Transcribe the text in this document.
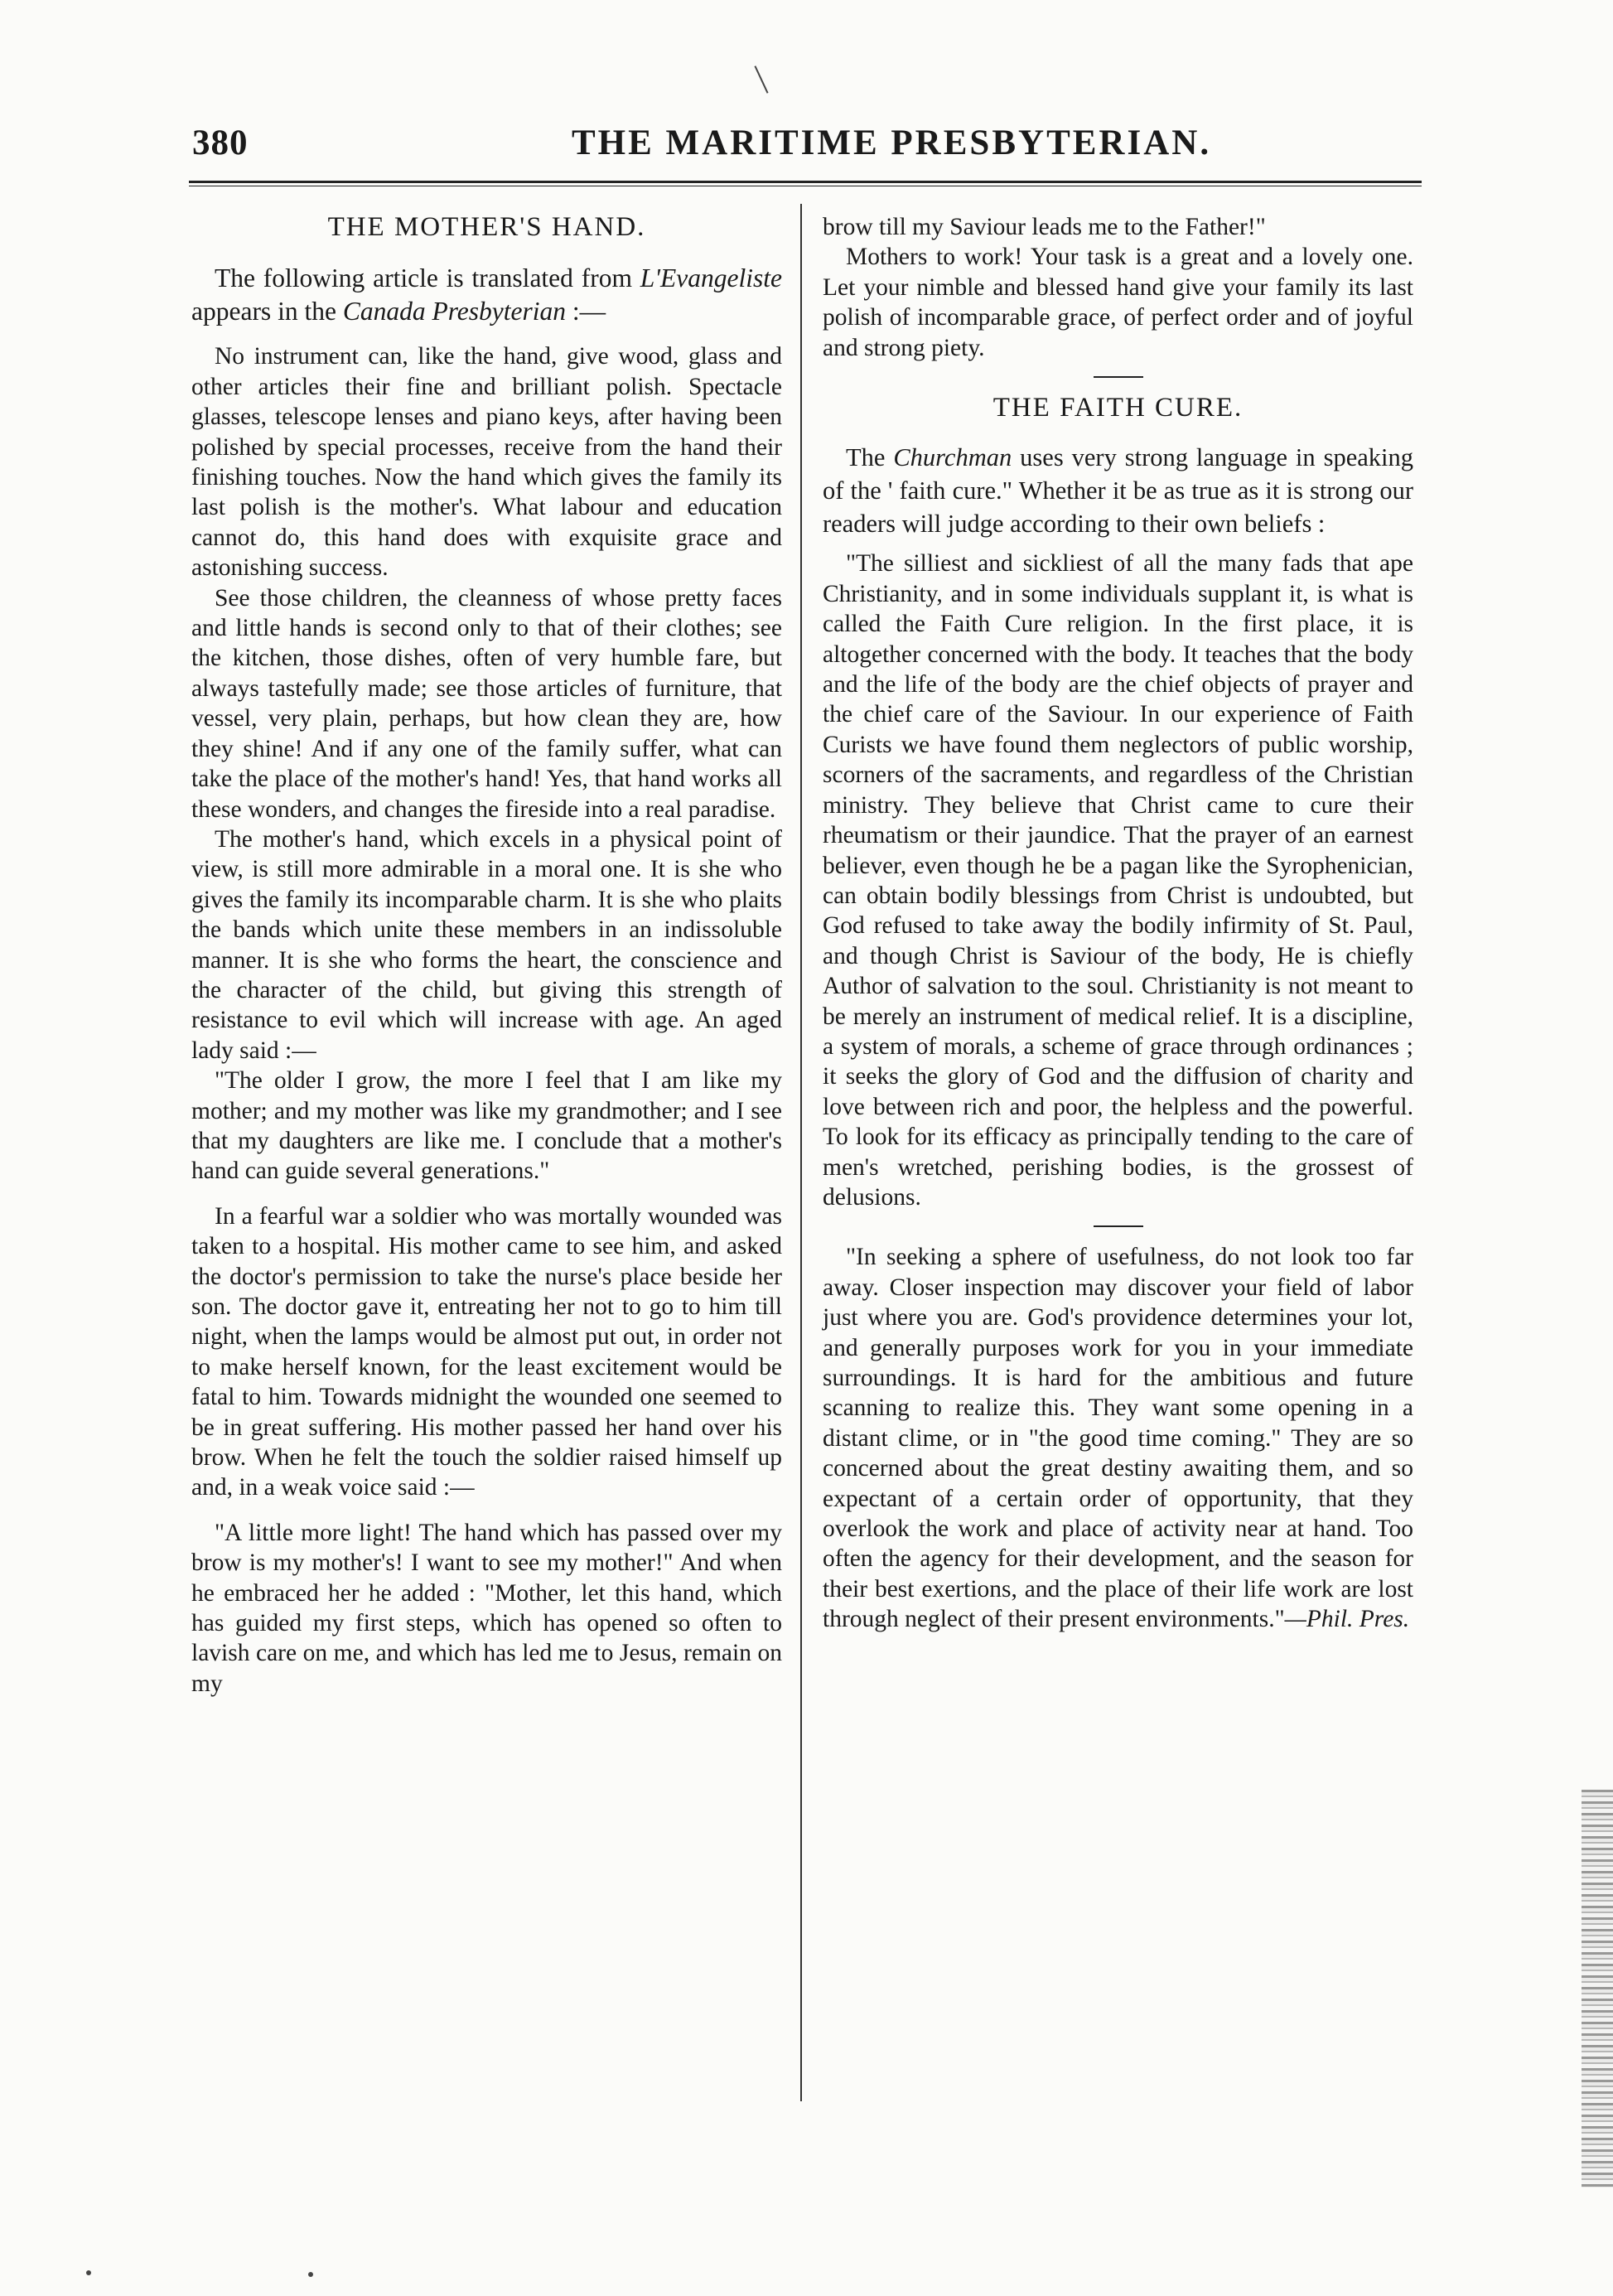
380	THE MARITIME PRESBYTERIAN.
THE MOTHER'S HAND.

The following article is translated from L'Evangeliste appears in the Canada Presbyterian :—

No instrument can, like the hand, give wood, glass and other articles their fine and brilliant polish. Spectacle glasses, telescope lenses and piano keys, after having been polished by special processes, receive from the hand their finishing touches. Now the hand which gives the family its last polish is the mother's. What labour and education cannot do, this hand does with exquisite grace and astonishing success.

See those children, the cleanness of whose pretty faces and little hands is second only to that of their clothes; see the kitchen, those dishes, often of very humble fare, but always tastefully made; see those articles of furniture, that vessel, very plain, perhaps, but how clean they are, how they shine! And if any one of the family suffer, what can take the place of the mother's hand! Yes, that hand works all these wonders, and changes the fireside into a real paradise.

The mother's hand, which excels in a physical point of view, is still more admirable in a moral one. It is she who gives the family its incomparable charm. It is she who plaits the bands which unite these members in an indissoluble manner. It is she who forms the heart, the conscience and the character of the child, but giving this strength of resistance to evil which will increase with age. An aged lady said :—

"The older I grow, the more I feel that I am like my mother; and my mother was like my grandmother; and I see that my daughters are like me. I conclude that a mother's hand can guide several generations."

In a fearful war a soldier who was mortally wounded was taken to a hospital. His mother came to see him, and asked the doctor's permission to take the nurse's place beside her son. The doctor gave it, entreating her not to go to him till night, when the lamps would be almost put out, in order not to make herself known, for the least excitement would be fatal to him. Towards midnight the wounded one seemed to be in great suffering. His mother passed her hand over his brow. When he felt the touch the soldier raised himself up and, in a weak voice said :—

"A little more light! The hand which has passed over my brow is my mother's! I want to see my mother!" And when he embraced her he added : "Mother, let this hand, which has guided my first steps, which has opened so often to lavish care on me, and which has led me to Jesus, remain on my

brow till my Saviour leads me to the Father!"

Mothers to work! Your task is a great and a lovely one. Let your nimble and blessed hand give your family its last polish of incomparable grace, of perfect order and of joyful and strong piety.

THE FAITH CURE.

The Churchman uses very strong language in speaking of the ' faith cure." Whether it be as true as it is strong our readers will judge according to their own beliefs :

"The silliest and sickliest of all the many fads that ape Christianity, and in some individuals supplant it, is what is called the Faith Cure religion. In the first place, it is altogether concerned with the body. It teaches that the body and the life of the body are the chief objects of prayer and the chief care of the Saviour. In our experience of Faith Curists we have found them neglectors of public worship, scorners of the sacraments, and regardless of the Christian ministry. They believe that Christ came to cure their rheumatism or their jaundice. That the prayer of an earnest believer, even though he be a pagan like the Syrophenician, can obtain bodily blessings from Christ is undoubted, but God refused to take away the bodily infirmity of St. Paul, and though Christ is Saviour of the body, He is chiefly Author of salvation to the soul. Christianity is not meant to be merely an instrument of medical relief. It is a discipline, a system of morals, a scheme of grace through ordinances ; it seeks the glory of God and the diffusion of charity and love between rich and poor, the helpless and the powerful. To look for its efficacy as principally tending to the care of men's wretched, perishing bodies, is the grossest of delusions.

"In seeking a sphere of usefulness, do not look too far away. Closer inspection may discover your field of labor just where you are. God's providence determines your lot, and generally purposes work for you in your immediate surroundings. It is hard for the ambitious and future scanning to realize this. They want some opening in a distant clime, or in "the good time coming." They are so concerned about the great destiny awaiting them, and so expectant of a certain order of opportunity, that they overlook the work and place of activity near at hand. Too often the agency for their development, and the season for their best exertions, and the place of their life work are lost through neglect of their present environments."—Phil. Pres.
